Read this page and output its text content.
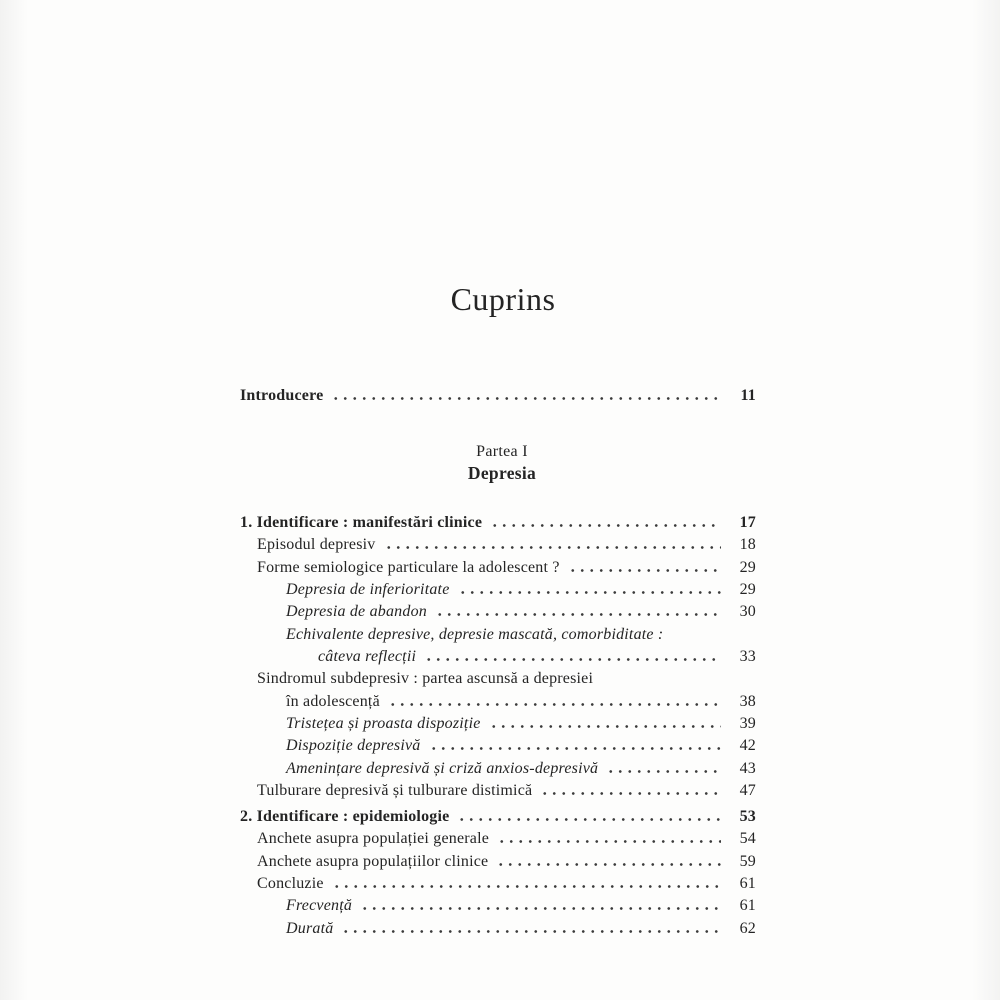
Cuprins
Introducere	11
Partea I
Depresia
1. Identificare : manifestări clinice	17
Episodul depresiv	18
Forme semiologice particulare la adolescent ?	29
Depresia de inferioritate	29
Depresia de abandon	30
Echivalente depresive, depresie mascată, comorbiditate :
câteva reflecții	33
Sindromul subdepresiv : partea ascunsă a depresiei
în adolescență	38
Tristețea și proasta dispoziție	39
Dispoziție depresivă	42
Amenințare depresivă și criză anxios-depresivă	43
Tulburare depresivă și tulburare distimică	47
2. Identificare : epidemiologie	53
Anchete asupra populației generale	54
Anchete asupra populațiilor clinice	59
Concluzie	61
Frecvență	61
Durată	62
